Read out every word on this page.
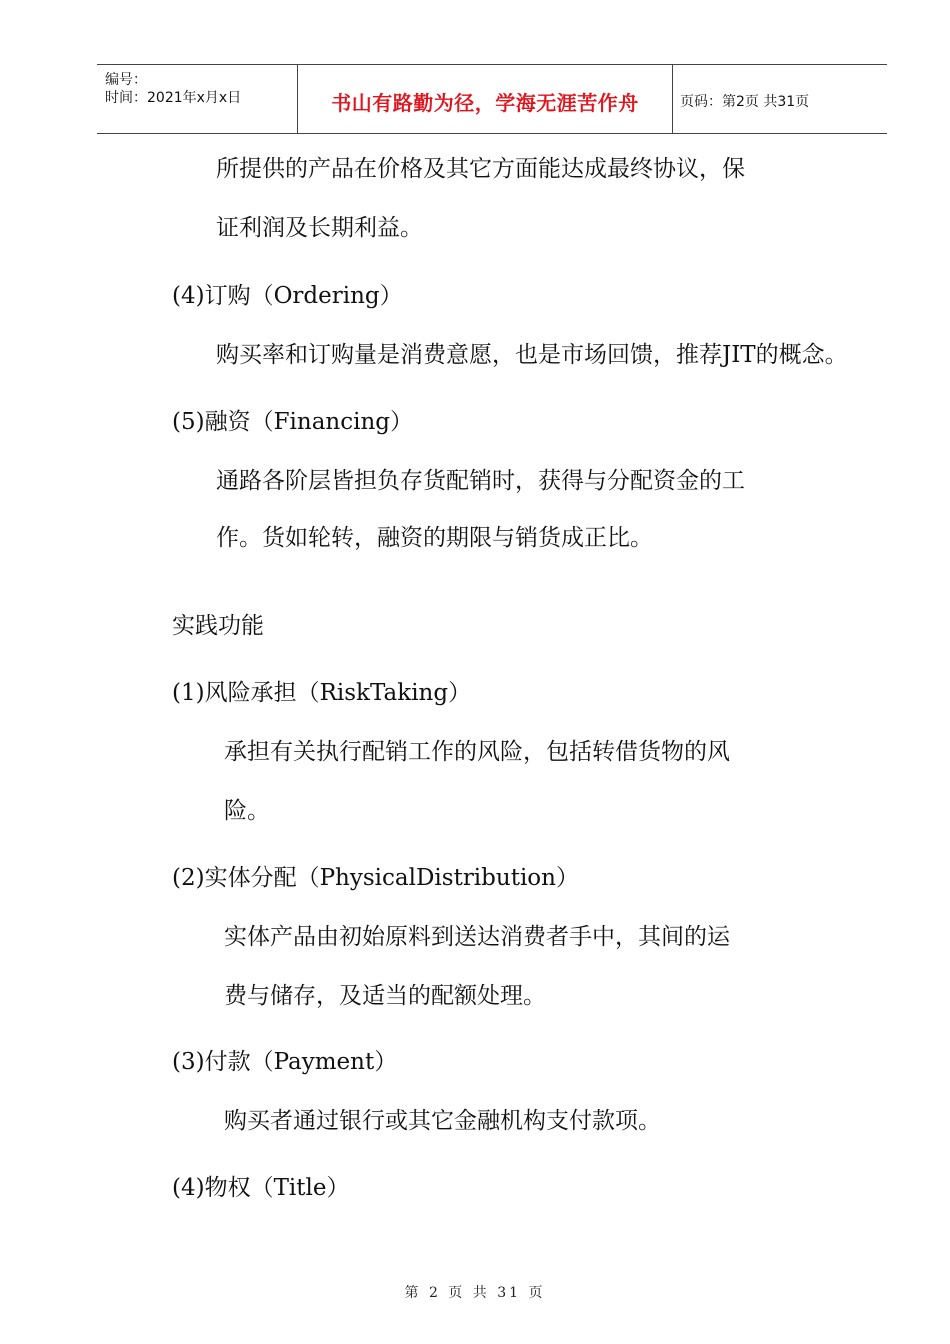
编号：
时间：2021年x月x日	书山有路勤为径，学海无涯苦作舟	页码：第2页 共31页
所提供的产品在价格及其它方面能达成最终协议，保
证利润及长期利益。
(4)订购（Ordering）
购买率和订购量是消费意愿，也是市场回馈，推荐JIT的概念。
(5)融资（Financing）
通路各阶层皆担负存货配销时，获得与分配资金的工
作。货如轮转，融资的期限与销货成正比。
实践功能
(1)风险承担（RiskTaking）
承担有关执行配销工作的风险，包括转借货物的风
险。
(2)实体分配（PhysicalDistribution）
实体产品由初始原料到送达消费者手中，其间的运
费与储存，及适当的配额处理。
(3)付款（Payment）
购买者通过银行或其它金融机构支付款项。
(4)物权（Title）
第 2 页 共 31 页
